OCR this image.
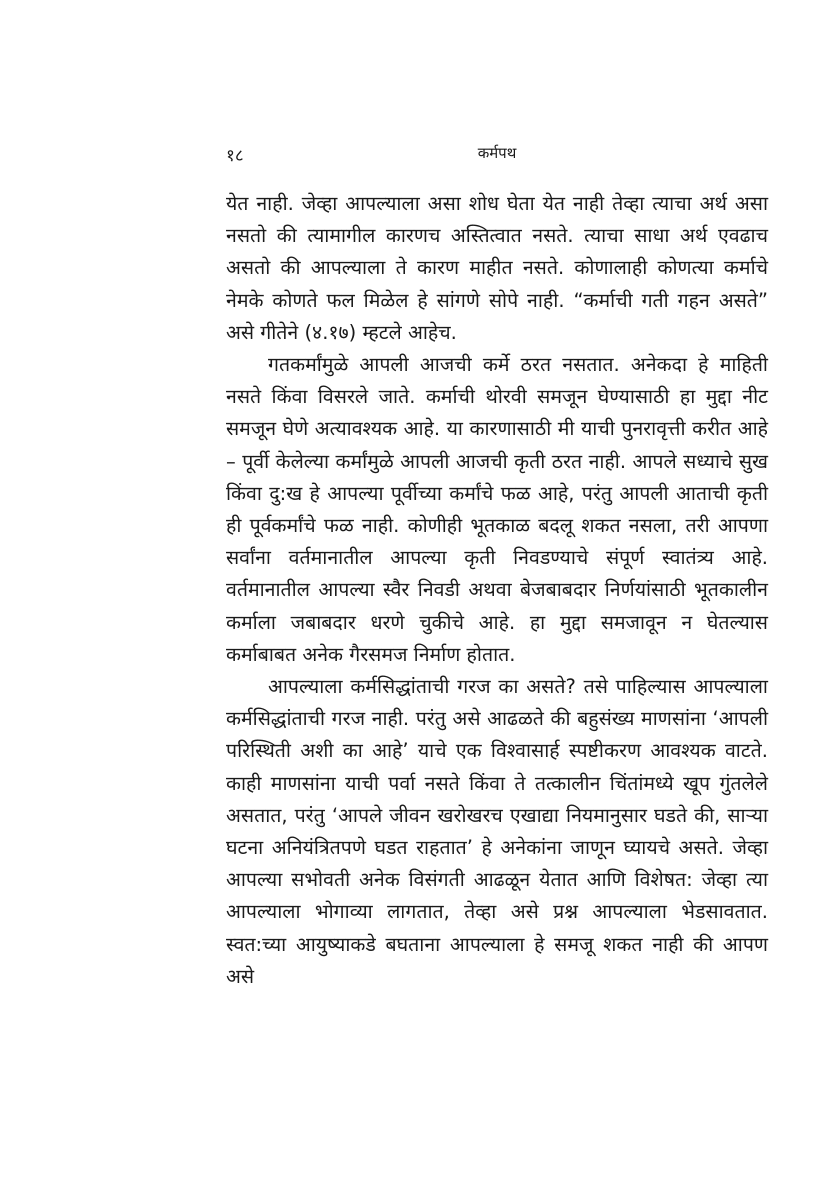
१८	कर्मपथ

येत नाही. जेव्हा आपल्याला असा शोध घेता येत नाही तेव्हा त्याचा अर्थ असा नसतो की त्यामागील कारणच अस्तित्वात नसते. त्याचा साधा अर्थ एवढाच असतो की आपल्याला ते कारण माहीत नसते. कोणालाही कोणत्या कर्माचे नेमके कोणते फल मिळेल हे सांगणे सोपे नाही. “कर्माची गती गहन असते” असे गीतेने (४.१७) म्हटले आहेच.

गतकर्मांमुळे आपली आजची कर्मे ठरत नसतात. अनेकदा हे माहिती नसते किंवा विसरले जाते. कर्माची थोरवी समजून घेण्यासाठी हा मुद्दा नीट समजून घेणे अत्यावश्यक आहे. या कारणासाठी मी याची पुनरावृत्ती करीत आहे – पूर्वी केलेल्या कर्मांमुळे आपली आजची कृती ठरत नाही. आपले सध्याचे सुख किंवा दु:ख हे आपल्या पूर्वीच्या कर्मांचे फळ आहे, परंतु आपली आताची कृती ही पूर्वकर्मांचे फळ नाही. कोणीही भूतकाळ बदलू शकत नसला, तरी आपणा सर्वांना वर्तमानातील आपल्या कृती निवडण्याचे संपूर्ण स्वातंत्र्य आहे. वर्तमानातील आपल्या स्वैर निवडी अथवा बेजबाबदार निर्णयांसाठी भूतकालीन कर्माला जबाबदार धरणे चुकीचे आहे. हा मुद्दा समजावून न घेतल्यास कर्माबाबत अनेक गैरसमज निर्माण होतात.

आपल्याला कर्मसिद्धांताची गरज का असते? तसे पाहिल्यास आपल्याला कर्मसिद्धांताची गरज नाही. परंतु असे आढळते की बहुसंख्य माणसांना ‘आपली परिस्थिती अशी का आहे’ याचे एक विश्वासार्ह स्पष्टीकरण आवश्यक वाटते. काही माणसांना याची पर्वा नसते किंवा ते तत्कालीन चिंतांमध्ये खूप गुंतलेले असतात, परंतु ‘आपले जीवन खरोखरच एखाद्या नियमानुसार घडते की, साऱ्या घटना अनियंत्रितपणे घडत राहतात’ हे अनेकांना जाणून घ्यायचे असते. जेव्हा आपल्या सभोवती अनेक विसंगती आढळून येतात आणि विशेषत: जेव्हा त्या आपल्याला भोगाव्या लागतात, तेव्हा असे प्रश्न आपल्याला भेडसावतात. स्वत:च्या आयुष्याकडे बघताना आपल्याला हे समजू शकत नाही की आपण असे
